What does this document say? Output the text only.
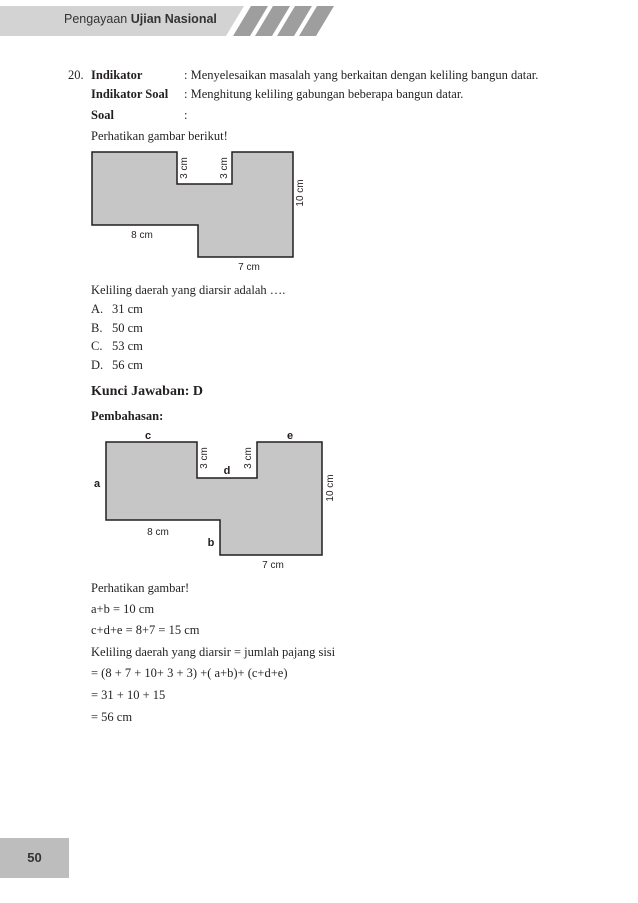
Pengayaan Ujian Nasional
20. Indikator	: Menyelesaikan masalah yang berkaitan dengan keliling bangun datar.
Indikator Soal : Menghitung keliling gabungan beberapa bangun datar.
Soal	:
Perhatikan gambar berikut!
3 cm	3 cm
10 cm
8 cm
7 cm
Keliling daerah yang diarsir adalah ….
A. 31 cm
B. 50 cm
C. 53 cm
D. 56 cm
Kunci Jawaban: D
Pembahasan:
c	e
d
a
b
3 cm	3 cm
10 cm
8 cm
7 cm
Perhatikan gambar!
a+b = 10 cm
c+d+e = 8+7 = 15 cm
Keliling daerah yang diarsir = jumlah pajang sisi
= (8 + 7 + 10+ 3 + 3) +( a+b)+ (c+d+e)
= 31 + 10 + 15
= 56 cm
50
